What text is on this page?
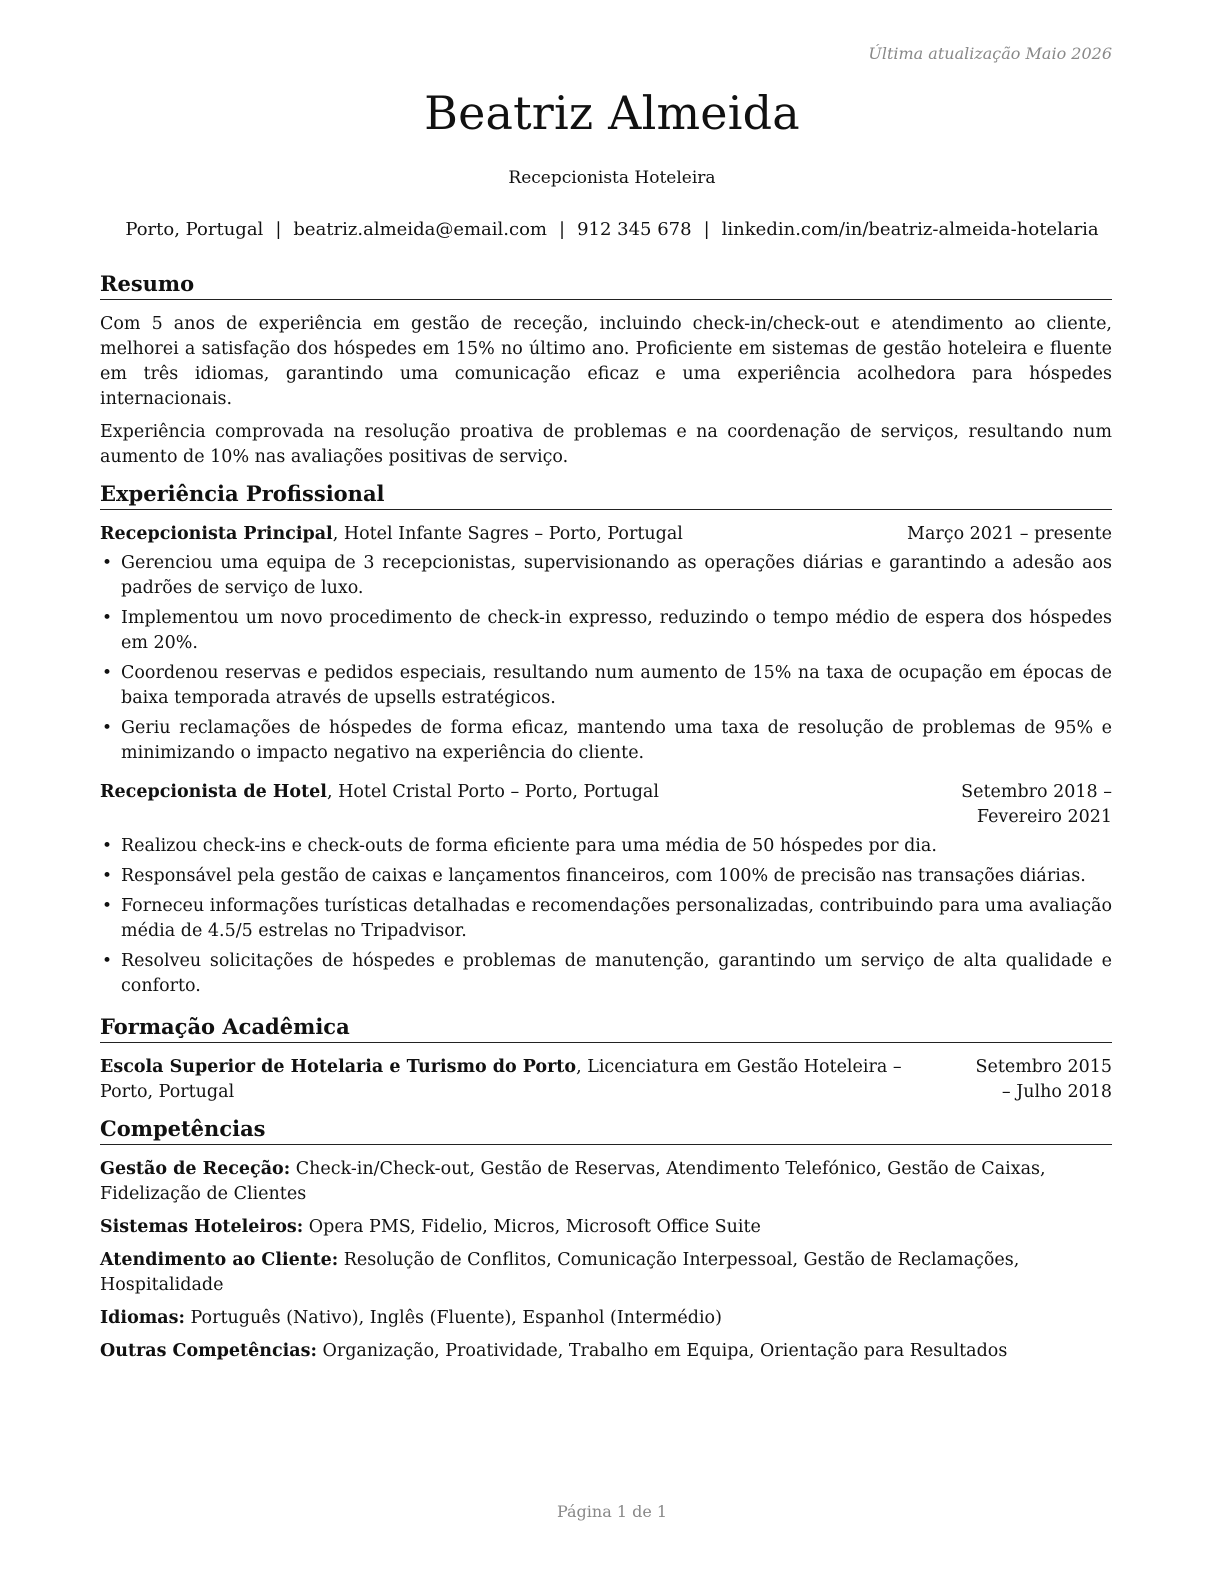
Última atualização Maio 2026
Beatriz Almeida
Recepcionista Hoteleira
Porto, Portugal | beatriz.almeida@email.com | 912 345 678 | linkedin.com/in/beatriz-almeida-hotelaria
Resumo

Com 5 anos de experiência em gestão de receção, incluindo check-in/check-out e atendimento ao cliente, melhorei a satisfação dos hóspedes em 15% no último ano. Proficiente em sistemas de gestão hoteleira e fluente em três idiomas, garantindo uma comunicação eficaz e uma experiência acolhedora para hóspedes internacionais.

Experiência comprovada na resolução proativa de problemas e na coordenação de serviços, resultando num aumento de 10% nas avaliações positivas de serviço.

Experiência Profissional
Recepcionista Principal, Hotel Infante Sagres – Porto, Portugal	Março 2021 – presente
• Gerenciou uma equipa de 3 recepcionistas, supervisionando as operações diárias e garantindo a adesão aos padrões de serviço de luxo.
• Implementou um novo procedimento de check-in expresso, reduzindo o tempo médio de espera dos hóspedes em 20%.
• Coordenou reservas e pedidos especiais, resultando num aumento de 15% na taxa de ocupação em épocas de baixa temporada através de upsells estratégicos.
• Geriu reclamações de hóspedes de forma eficaz, mantendo uma taxa de resolução de problemas de 95% e minimizando o impacto negativo na experiência do cliente.
Recepcionista de Hotel, Hotel Cristal Porto – Porto, Portugal	Setembro 2018 – Fevereiro 2021
• Realizou check-ins e check-outs de forma eficiente para uma média de 50 hóspedes por dia.
• Responsável pela gestão de caixas e lançamentos financeiros, com 100% de precisão nas transações diárias.
• Forneceu informações turísticas detalhadas e recomendações personalizadas, contribuindo para uma avaliação média de 4.5/5 estrelas no Tripadvisor.
• Resolveu solicitações de hóspedes e problemas de manutenção, garantindo um serviço de alta qualidade e conforto.
Formação Acadêmica
Escola Superior de Hotelaria e Turismo do Porto, Licenciatura em Gestão Hoteleira – Porto, Portugal
Setembro 2015 – Julho 2018
Competências

Gestão de Receção: Check-in/Check-out, Gestão de Reservas, Atendimento Telefónico, Gestão de Caixas, Fidelização de Clientes

Sistemas Hoteleiros: Opera PMS, Fidelio, Micros, Microsoft Office Suite

Atendimento ao Cliente: Resolução de Conflitos, Comunicação Interpessoal, Gestão de Reclamações, Hospitalidade

Idiomas: Português (Nativo), Inglês (Fluente), Espanhol (Intermédio)

Outras Competências: Organização, Proatividade, Trabalho em Equipa, Orientação para Resultados

Página 1 de 1
